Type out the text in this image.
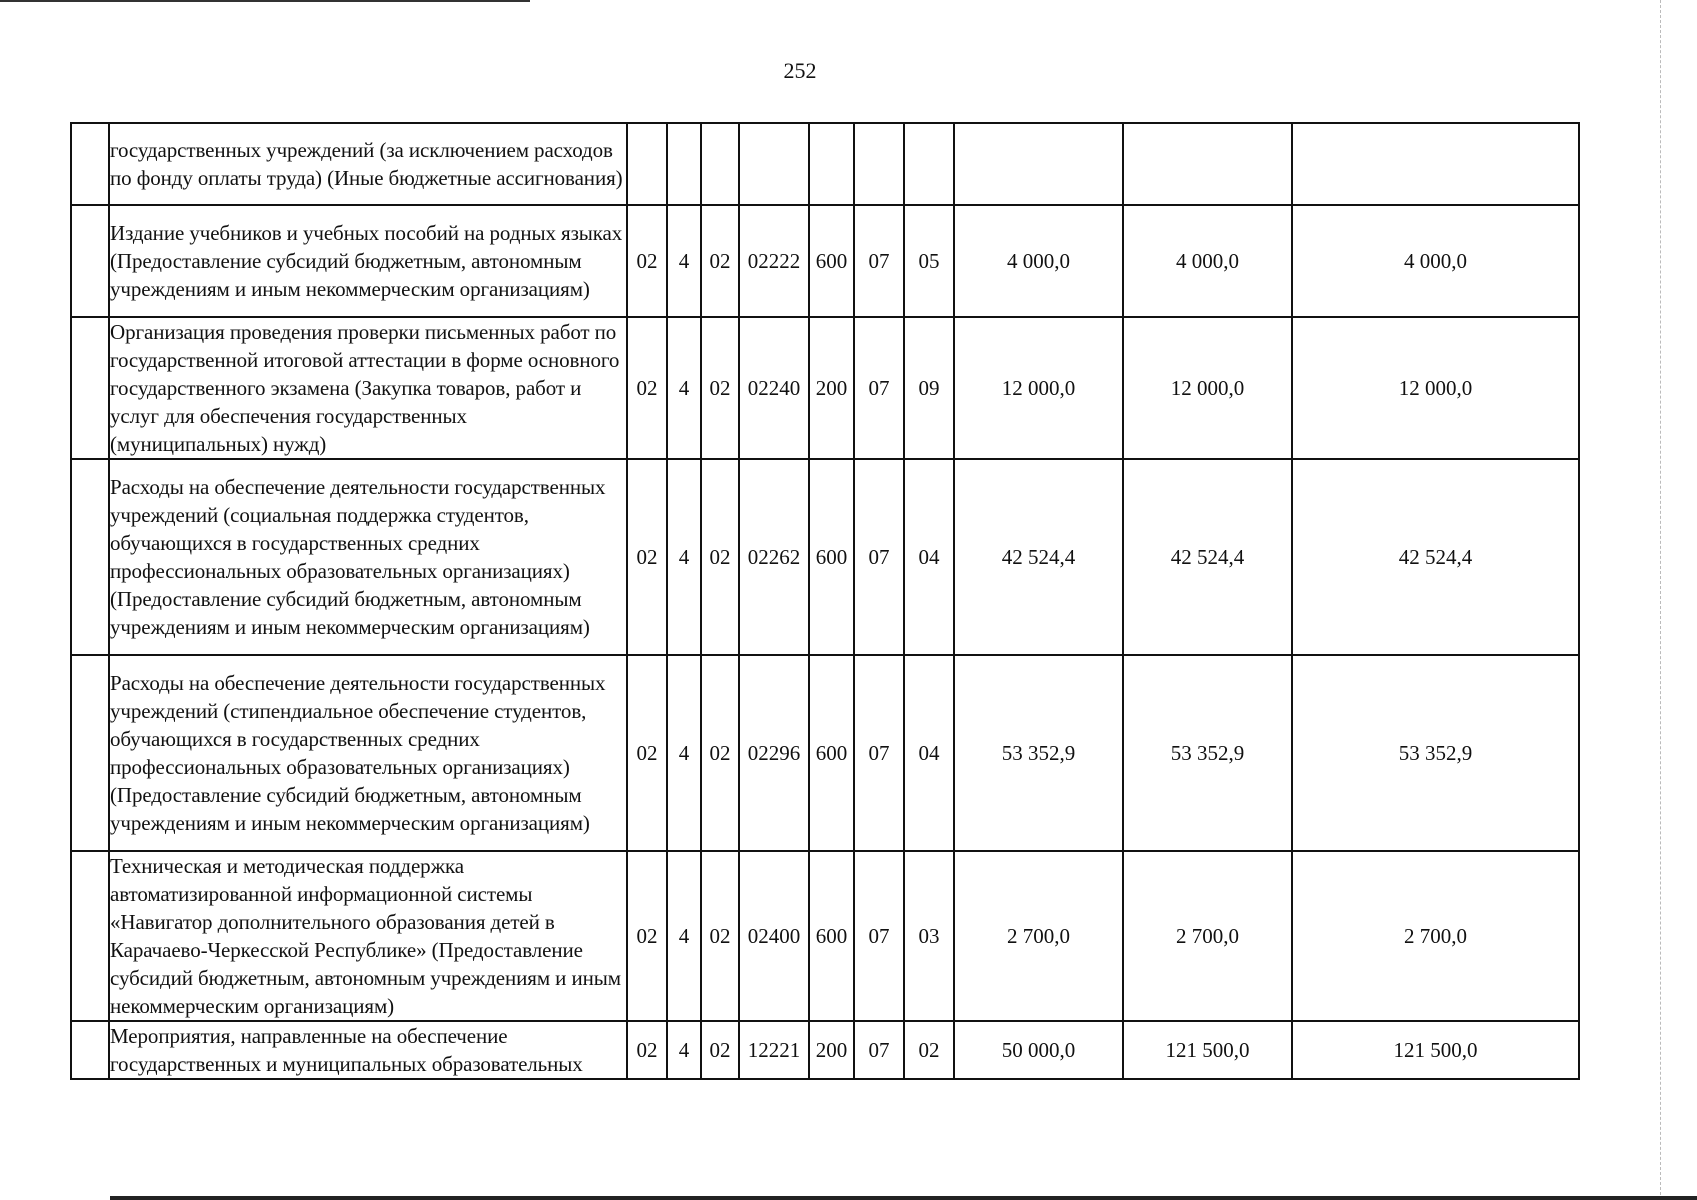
252
	государственных учреждений (за исключением расходов по фонду оплаты труда) (Иные бюджетные ассигнования)										
	Издание учебников и учебных пособий на родных языках (Предоставление субсидий бюджетным, автономным учреждениям и иным некоммерческим организациям)	02	4	02	02222	600	07	05	4 000,0	4 000,0	4 000,0
	Организация проведения проверки письменных работ по государственной итоговой аттестации в форме основного государственного экзамена (Закупка товаров, работ и услуг для обеспечения государственных (муниципальных) нужд)	02	4	02	02240	200	07	09	12 000,0	12 000,0	12 000,0
	Расходы на обеспечение деятельности государственных учреждений (социальная поддержка студентов, обучающихся в государственных средних профессиональных образовательных организациях) (Предоставление субсидий бюджетным, автономным учреждениям и иным некоммерческим организациям)	02	4	02	02262	600	07	04	42 524,4	42 524,4	42 524,4
	Расходы на обеспечение деятельности государственных учреждений (стипендиальное обеспечение студентов, обучающихся в государственных средних профессиональных образовательных организациях) (Предоставление субсидий бюджетным, автономным учреждениям и иным некоммерческим организациям)	02	4	02	02296	600	07	04	53 352,9	53 352,9	53 352,9
	Техническая и методическая поддержка автоматизированной информационной системы «Навигатор дополнительного образования детей в Карачаево-Черкесской Республике» (Предоставление субсидий бюджетным, автономным учреждениям и иным некоммерческим организациям)	02	4	02	02400	600	07	03	2 700,0	2 700,0	2 700,0
	Мероприятия, направленные на обеспечение государственных и муниципальных образовательных	02	4	02	12221	200	07	02	50 000,0	121 500,0	121 500,0
